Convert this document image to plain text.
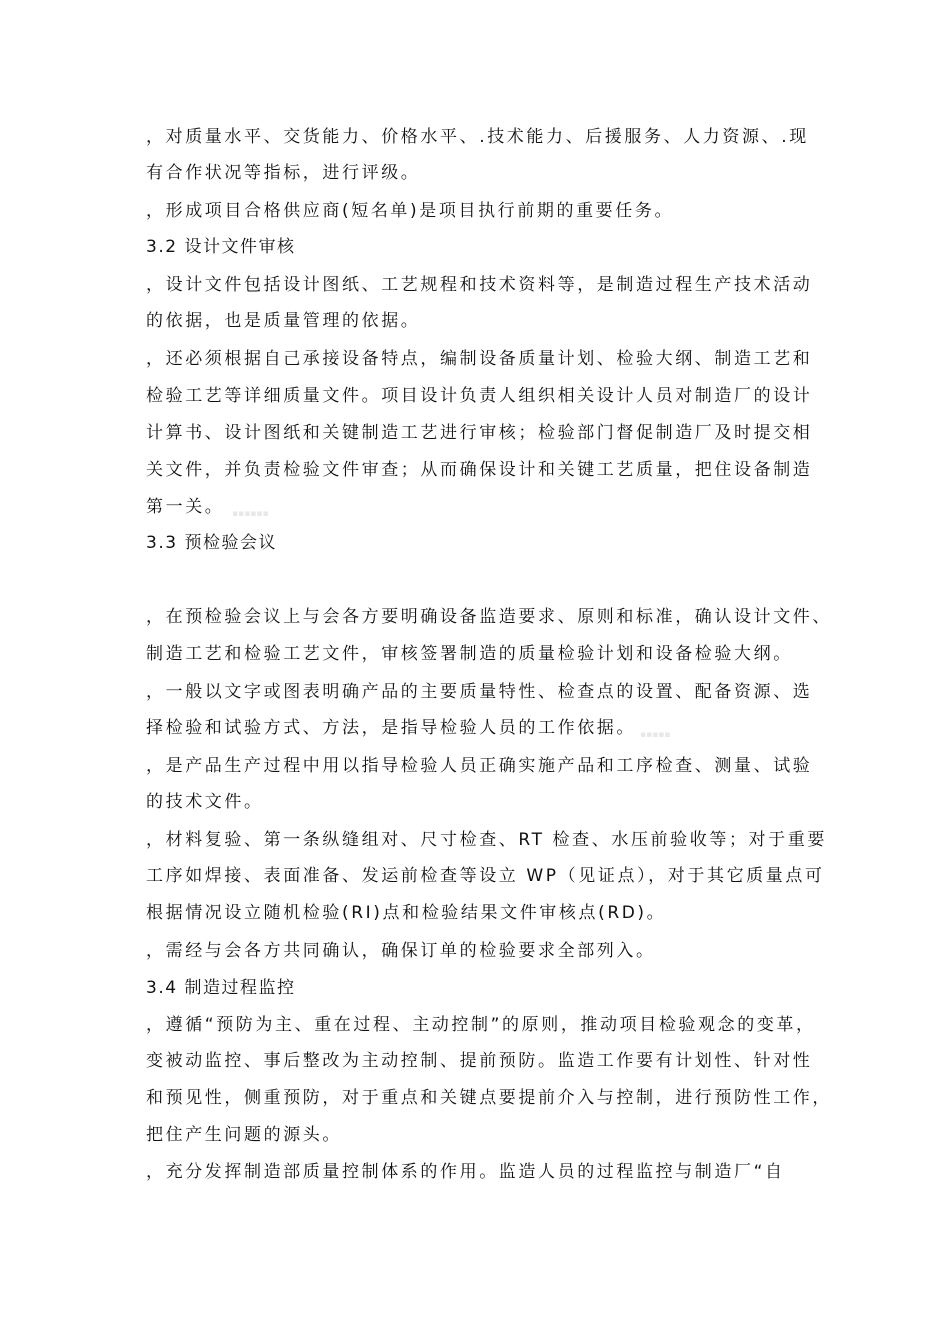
，对质量水平、交货能力、价格水平、.技术能力、后援服务、人力资源、.现
有合作状况等指标，进行评级。
，形成项目合格供应商(短名单)是项目执行前期的重要任务。
3.2 设计文件审核
，设计文件包括设计图纸、工艺规程和技术资料等，是制造过程生产技术活动
的依据，也是质量管理的依据。
，还必须根据自己承接设备特点，编制设备质量计划、检验大纲、制造工艺和
检验工艺等详细质量文件。项目设计负责人组织相关设计人员对制造厂的设计
计算书、设计图纸和关键制造工艺进行审核；检验部门督促制造厂及时提交相
关文件，并负责检验文件审查；从而确保设计和关键工艺质量，把住设备制造
第一关。
3.3 预检验会议
，在预检验会议上与会各方要明确设备监造要求、原则和标准，确认设计文件、
制造工艺和检验工艺文件，审核签署制造的质量检验计划和设备检验大纲。
，一般以文字或图表明确产品的主要质量特性、检查点的设置、配备资源、选
择检验和试验方式、方法，是指导检验人员的工作依据。
，是产品生产过程中用以指导检验人员正确实施产品和工序检查、测量、试验
的技术文件。
，材料复验、第一条纵缝组对、尺寸检查、RT 检查、水压前验收等；对于重要
工序如焊接、表面准备、发运前检查等设立 WP（见证点），对于其它质量点可
根据情况设立随机检验(RI)点和检验结果文件审核点(RD)。
，需经与会各方共同确认，确保订单的检验要求全部列入。
3.4 制造过程监控
，遵循“预防为主、重在过程、主动控制”的原则，推动项目检验观念的变革，
变被动监控、事后整改为主动控制、提前预防。监造工作要有计划性、针对性
和预见性，侧重预防，对于重点和关键点要提前介入与控制，进行预防性工作，
把住产生问题的源头。
，充分发挥制造部质量控制体系的作用。监造人员的过程监控与制造厂“自
▪▪▪▪▪▪
▪▪▪▪▪
